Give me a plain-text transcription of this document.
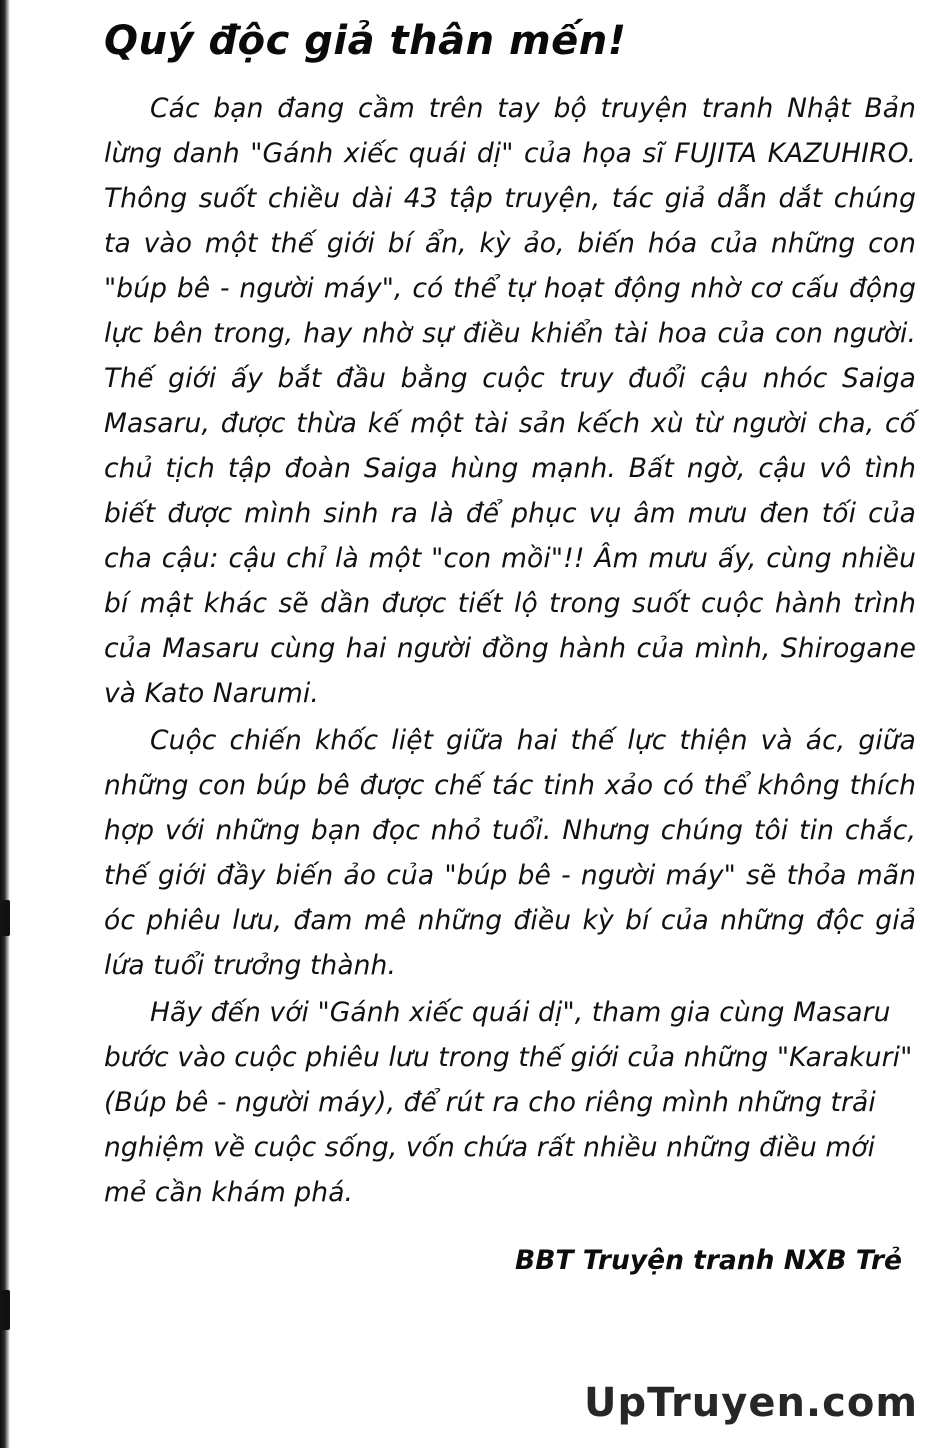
Quý độc giả thân mến!

Các bạn đang cầm trên tay bộ truyện tranh Nhật Bản lừng danh "Gánh xiếc quái dị" của họa sĩ FUJITA KAZUHIRO. Thông suốt chiều dài 43 tập truyện, tác giả dẫn dắt chúng ta vào một thế giới bí ẩn, kỳ ảo, biến hóa của những con "búp bê - người máy", có thể tự hoạt động nhờ cơ cấu động lực bên trong, hay nhờ sự điều khiển tài hoa của con người. Thế giới ấy bắt đầu bằng cuộc truy đuổi cậu nhóc Saiga Masaru, được thừa kế một tài sản kếch xù từ người cha, cố chủ tịch tập đoàn Saiga hùng mạnh. Bất ngờ, cậu vô tình biết được mình sinh ra là để phục vụ âm mưu đen tối của cha cậu: cậu chỉ là một "con mồi"!! Âm mưu ấy, cùng nhiều bí mật khác sẽ dần được tiết lộ trong suốt cuộc hành trình của Masaru cùng hai người đồng hành của mình, Shirogane và Kato Narumi.

Cuộc chiến khốc liệt giữa hai thế lực thiện và ác, giữa những con búp bê được chế tác tinh xảo có thể không thích hợp với những bạn đọc nhỏ tuổi. Nhưng chúng tôi tin chắc, thế giới đầy biến ảo của "búp bê - người máy" sẽ thỏa mãn óc phiêu lưu, đam mê những điều kỳ bí của những độc giả lứa tuổi trưởng thành.

Hãy đến với "Gánh xiếc quái dị", tham gia cùng Masaru bước vào cuộc phiêu lưu trong thế giới của những "Karakuri" (Búp bê - người máy), để rút ra cho riêng mình những trải nghiệm về cuộc sống, vốn chứa rất nhiều những điều mới mẻ cần khám phá.

BBT Truyện tranh NXB Trẻ
UpTruyen.com
